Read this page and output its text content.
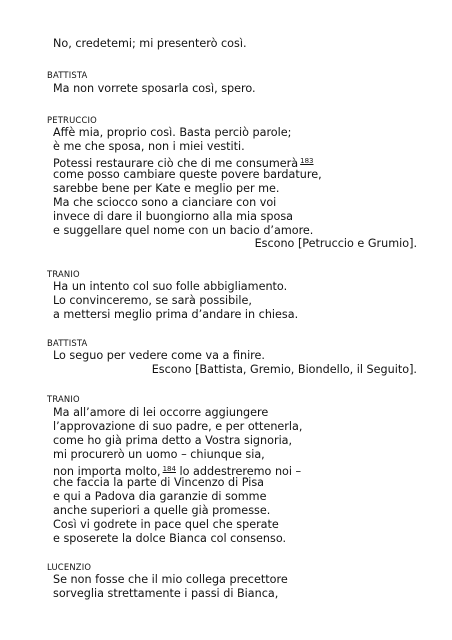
No, credetemi; mi presenterò così.
BATTISTA
Ma non vorrete sposarla così, spero.
PETRUCCIO
Affè mia, proprio così. Basta perciò parole;
è me che sposa, non i miei vestiti.
Potessi restaurare ciò che di me consumerà $^{183}$
come posso cambiare queste povere bardature,
sarebbe bene per Kate e meglio per me.
Ma che sciocco sono a cianciare con voi
invece di dare il buongiorno alla mia sposa
e suggellare quel nome con un bacio d’amore.
Escono [Petruccio e Grumio].
TRANIO
Ha un intento col suo folle abbigliamento.
Lo convinceremo, se sarà possibile,
a mettersi meglio prima d’andare in chiesa.
BATTISTA
Lo seguo per vedere come va a finire.
Escono [Battista, Gremio, Biondello, il Seguito].
TRANIO
Ma all’amore di lei occorre aggiungere
l’approvazione di suo padre, e per ottenerla,
come ho già prima detto a Vostra signoria,
mi procurerò un uomo – chiunque sia,
non importa molto, $^{184}$ lo addestreremo noi –
che faccia la parte di Vincenzo di Pisa
e qui a Padova dia garanzie di somme
anche superiori a quelle già promesse.
Così vi godrete in pace quel che sperate
e sposerete la dolce Bianca col consenso.
LUCENZIO
Se non fosse che il mio collega precettore
sorveglia strettamente i passi di Bianca,
